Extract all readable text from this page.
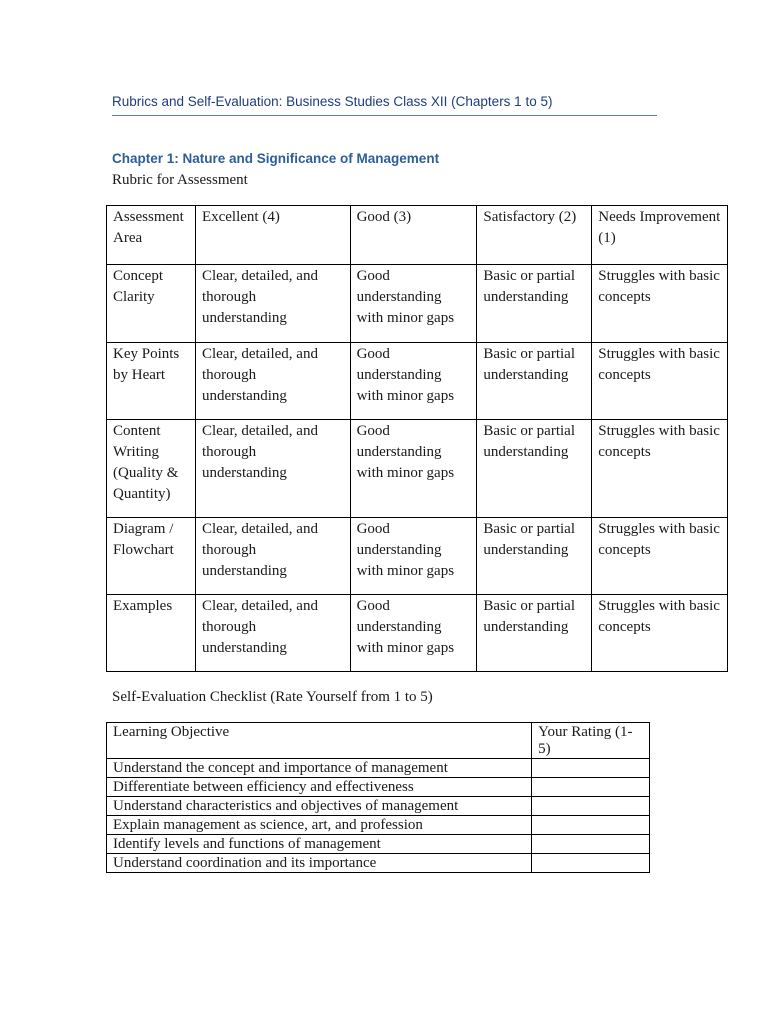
Rubrics and Self-Evaluation: Business Studies Class XII (Chapters 1 to 5)
Chapter 1: Nature and Significance of Management
Rubric for Assessment
Assessment Area	Excellent (4)	Good (3)	Satisfactory (2)	Needs Improvement (1)
Concept Clarity	Clear, detailed, and thorough understanding	Good understanding with minor gaps	Basic or partial understanding	Struggles with basic concepts
Key Points by Heart	Clear, detailed, and thorough understanding	Good understanding with minor gaps	Basic or partial understanding	Struggles with basic concepts
Content Writing (Quality & Quantity)	Clear, detailed, and thorough understanding	Good understanding with minor gaps	Basic or partial understanding	Struggles with basic concepts
Diagram / Flowchart	Clear, detailed, and thorough understanding	Good understanding with minor gaps	Basic or partial understanding	Struggles with basic concepts
Examples	Clear, detailed, and thorough understanding	Good understanding with minor gaps	Basic or partial understanding	Struggles with basic concepts
Self-Evaluation Checklist (Rate Yourself from 1 to 5)
Learning Objective	Your Rating (1-5)
Understand the concept and importance of management	
Differentiate between efficiency and effectiveness	
Understand characteristics and objectives of management	
Explain management as science, art, and profession	
Identify levels and functions of management	
Understand coordination and its importance	
